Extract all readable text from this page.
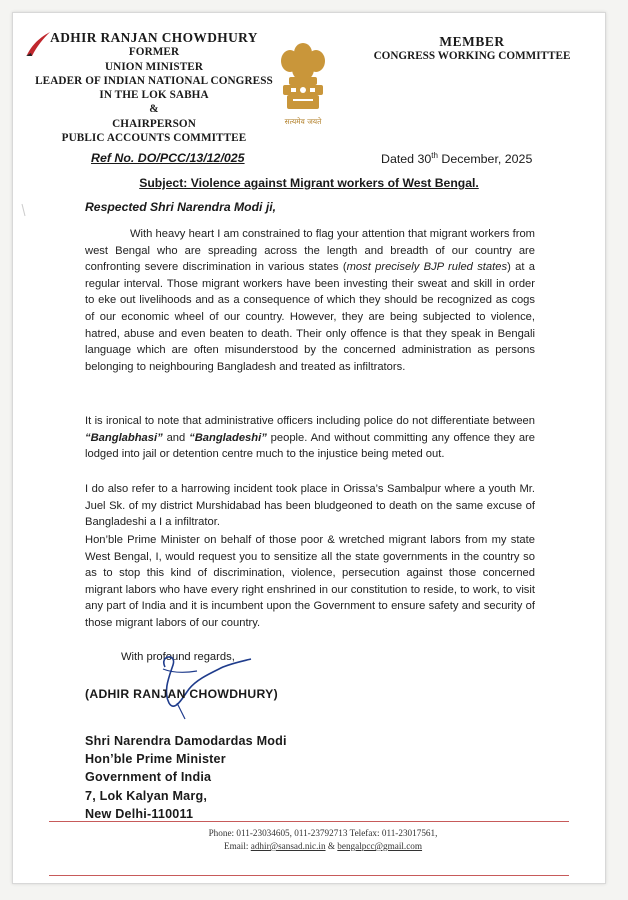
ADHIR RANJAN CHOWDHURY
FORMER
UNION MINISTER
LEADER OF INDIAN NATIONAL CONGRESS
IN THE LOK SABHA
&
CHAIRPERSON
PUBLIC ACCOUNTS COMMITTEE
सत्यमेव जयते
MEMBER
CONGRESS WORKING COMMITTEE
Ref No. DO/PCC/13/12/025	Dated 30th December, 2025
Subject: Violence against Migrant workers of West Bengal.
Respected Shri Narendra Modi ji,
With heavy heart I am constrained to flag your attention that migrant workers from west Bengal who are spreading across the length and breadth of our country are confronting severe discrimination in various states (most precisely BJP ruled states) at a regular interval. Those migrant workers have been investing their sweat and skill in order to eke out livelihoods and as a consequence of which they should be recognized as cogs of our economic wheel of our country. However, they are being subjected to violence, hatred, abuse and even beaten to death. Their only offence is that they speak in Bengali language which are often misunderstood by the concerned administration as persons belonging to neighbouring Bangladesh and treated as infiltrators.
It is ironical to note that administrative officers including police do not differentiate between “Banglabhasi” and “Bangladeshi” people. And without committing any offence they are lodged into jail or detention centre much to the injustice being meted out.
I do also refer to a harrowing incident took place in Orissa’s Sambalpur where a youth Mr. Juel Sk. of my district Murshidabad has been bludgeoned to death on the same excuse of Bangladeshi a I a infiltrator.
Hon’ble Prime Minister on behalf of those poor & wretched migrant labors from my state West Bengal, I, would request you to sensitize all the state governments in the country so as to stop this kind of discrimination, violence, persecution against those concerned migrant labors who have every right enshrined in our constitution to reside, to work, to visit any part of India and it is incumbent upon the Government to ensure safety and security of those migrant labors of our country.
With profound regards,
(ADHIR RANJAN CHOWDHURY)
Shri Narendra Damodardas Modi
Hon’ble Prime Minister
Government of India
7, Lok Kalyan Marg,
New Delhi-110011
Phone: 011-23034605, 011-23792713 Telefax: 011-23017561,
Email: adhir@sansad.nic.in & bengalpcc@gmail.com
